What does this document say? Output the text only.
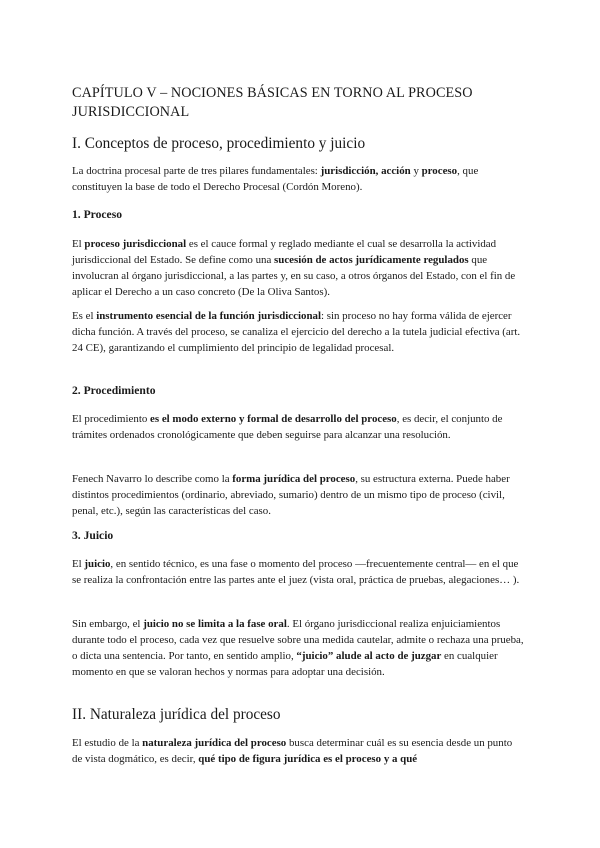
CAPÍTULO V – NOCIONES BÁSICAS EN TORNO AL PROCESO JURISDICCIONAL
I. Conceptos de proceso, procedimiento y juicio

La doctrina procesal parte de tres pilares fundamentales: jurisdicción, acción y proceso, que constituyen la base de todo el Derecho Procesal (Cordón Moreno).

1. Proceso

El proceso jurisdiccional es el cauce formal y reglado mediante el cual se desarrolla la actividad jurisdiccional del Estado. Se define como una sucesión de actos jurídicamente regulados que involucran al órgano jurisdiccional, a las partes y, en su caso, a otros órganos del Estado, con el fin de aplicar el Derecho a un caso concreto (De la Oliva Santos).

Es el instrumento esencial de la función jurisdiccional: sin proceso no hay forma válida de ejercer dicha función. A través del proceso, se canaliza el ejercicio del derecho a la tutela judicial efectiva (art. 24 CE), garantizando el cumplimiento del principio de legalidad procesal.

2. Procedimiento

El procedimiento es el modo externo y formal de desarrollo del proceso, es decir, el conjunto de trámites ordenados cronológicamente que deben seguirse para alcanzar una resolución.

Fenech Navarro lo describe como la forma jurídica del proceso, su estructura externa. Puede haber distintos procedimientos (ordinario, abreviado, sumario) dentro de un mismo tipo de proceso (civil, penal, etc.), según las características del caso.

3. Juicio

El juicio, en sentido técnico, es una fase o momento del proceso —frecuentemente central— en el que se realiza la confrontación entre las partes ante el juez (vista oral, práctica de pruebas, alegaciones… ).

Sin embargo, el juicio no se limita a la fase oral. El órgano jurisdiccional realiza enjuiciamientos durante todo el proceso, cada vez que resuelve sobre una medida cautelar, admite o rechaza una prueba, o dicta una sentencia. Por tanto, en sentido amplio, “juicio” alude al acto de juzgar en cualquier momento en que se valoran hechos y normas para adoptar una decisión.

II. Naturaleza jurídica del proceso

El estudio de la naturaleza jurídica del proceso busca determinar cuál es su esencia desde un punto de vista dogmático, es decir, qué tipo de figura jurídica es el proceso y a qué
